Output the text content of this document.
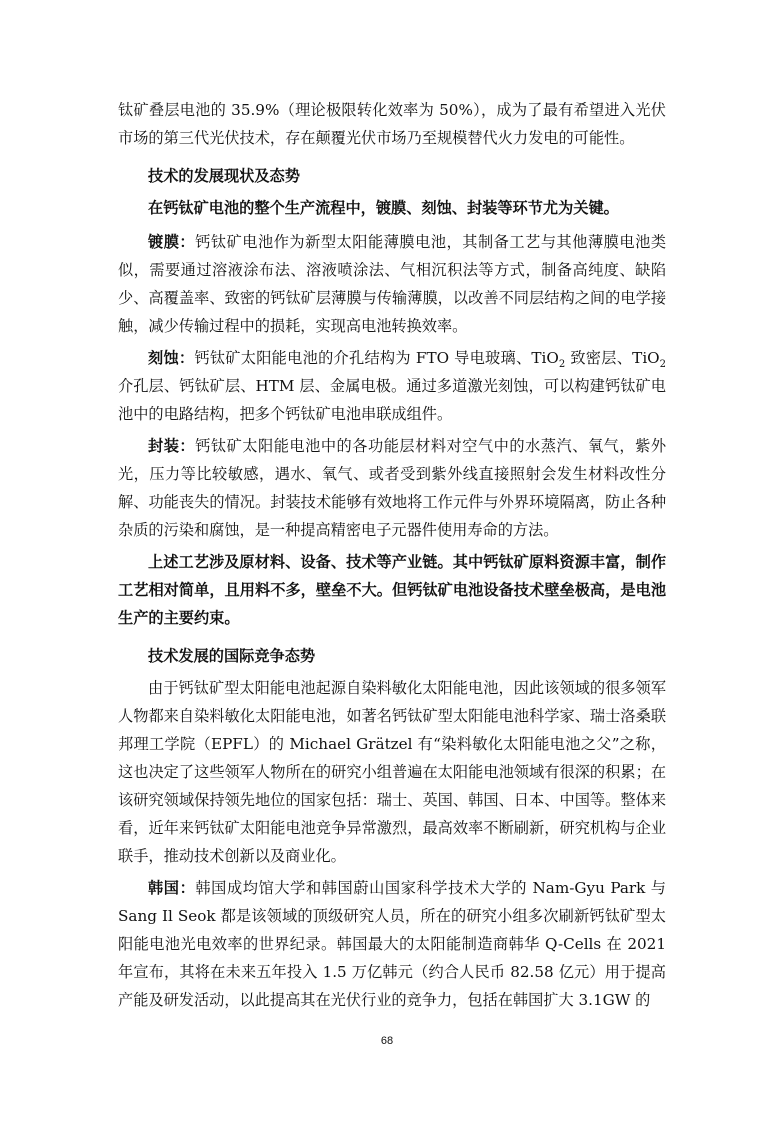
钛矿叠层电池的 35.9%（理论极限转化效率为 50%），成为了最有希望进入光伏市场的第三代光伏技术，存在颠覆光伏市场乃至规模替代火力发电的可能性。

技术的发展现状及态势

在钙钛矿电池的整个生产流程中，镀膜、刻蚀、封装等环节尤为关键。

镀膜：钙钛矿电池作为新型太阳能薄膜电池，其制备工艺与其他薄膜电池类似，需要通过溶液涂布法、溶液喷涂法、气相沉积法等方式，制备高纯度、缺陷少、高覆盖率、致密的钙钛矿层薄膜与传输薄膜，以改善不同层结构之间的电学接触，减少传输过程中的损耗，实现高电池转换效率。

刻蚀：钙钛矿太阳能电池的介孔结构为 FTO 导电玻璃、TiO$_2$ 致密层、TiO$_2$ 介孔层、钙钛矿层、HTM 层、金属电极。通过多道激光刻蚀，可以构建钙钛矿电池中的电路结构，把多个钙钛矿电池串联成组件。

封装：钙钛矿太阳能电池中的各功能层材料对空气中的水蒸汽、氧气，紫外光，压力等比较敏感，遇水、氧气、或者受到紫外线直接照射会发生材料改性分解、功能丧失的情况。封装技术能够有效地将工作元件与外界环境隔离，防止各种杂质的污染和腐蚀，是一种提高精密电子元器件使用寿命的方法。

上述工艺涉及原材料、设备、技术等产业链。其中钙钛矿原料资源丰富，制作工艺相对简单，且用料不多，壁垒不大。但钙钛矿电池设备技术壁垒极高，是电池生产的主要约束。

技术发展的国际竞争态势

由于钙钛矿型太阳能电池起源自染料敏化太阳能电池，因此该领域的很多领军人物都来自染料敏化太阳能电池，如著名钙钛矿型太阳能电池科学家、瑞士洛桑联邦理工学院（EPFL）的 Michael Grätzel 有“染料敏化太阳能电池之父”之称，这也决定了这些领军人物所在的研究小组普遍在太阳能电池领域有很深的积累；在该研究领域保持领先地位的国家包括：瑞士、英国、韩国、日本、中国等。整体来看，近年来钙钛矿太阳能电池竞争异常激烈，最高效率不断刷新，研究机构与企业联手，推动技术创新以及商业化。

韩国：韩国成均馆大学和韩国蔚山国家科学技术大学的 Nam-Gyu Park 与 Sang Il Seok 都是该领域的顶级研究人员，所在的研究小组多次刷新钙钛矿型太阳能电池光电效率的世界纪录。韩国最大的太阳能制造商韩华 Q-Cells 在 2021 年宣布，其将在未来五年投入 1.5 万亿韩元（约合人民币 82.58 亿元）用于提高产能及研发活动，以此提高其在光伏行业的竞争力，包括在韩国扩大 3.1GW 的

68
